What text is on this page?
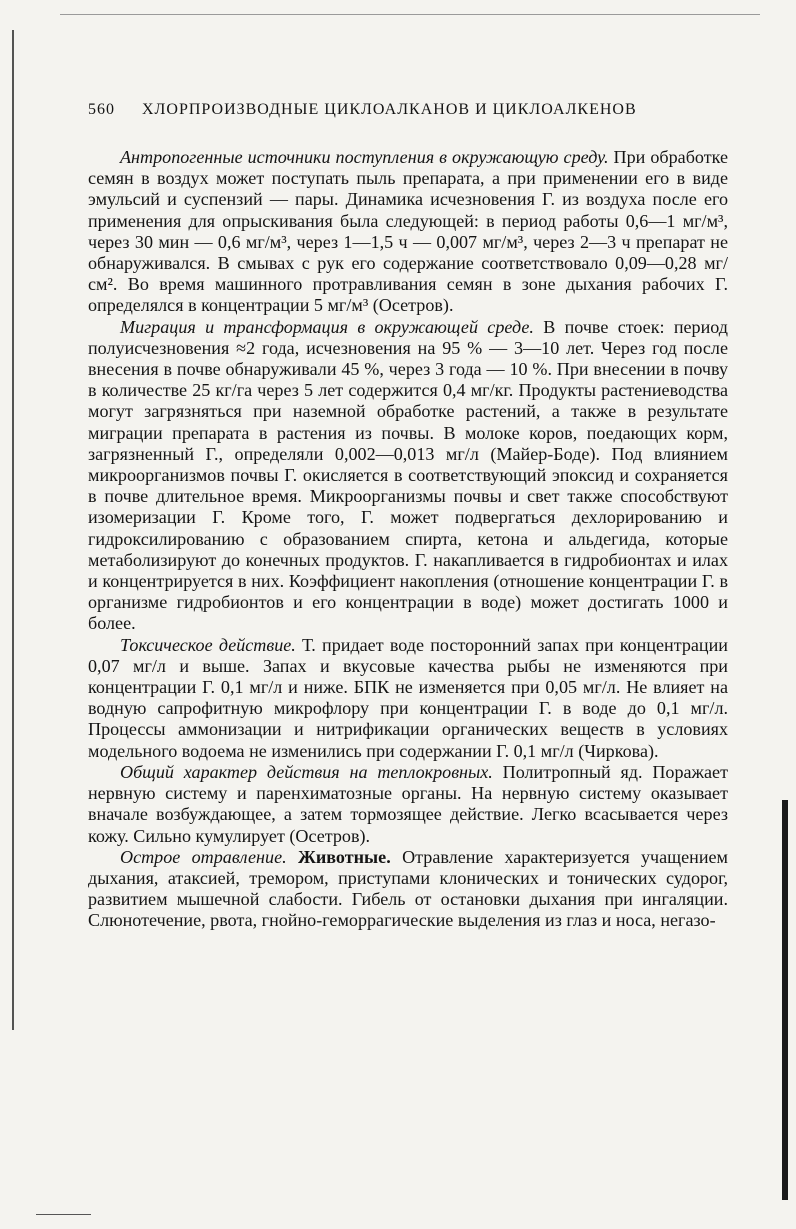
560 ХЛОРПРОИЗВОДНЫЕ ЦИКЛОАЛКАНОВ И ЦИКЛОАЛКЕНОВ

Антропогенные источники поступления в окружающую среду. При обработке семян в воздух может поступать пыль препарата, а при применении его в виде эмульсий и суспензий — пары. Динамика исчезновения Г. из воздуха после его применения для опрыскивания была следующей: в период работы 0,6—1 мг/м³, через 30 мин — 0,6 мг/м³, через 1—1,5 ч — 0,007 мг/м³, через 2—3 ч препарат не обнаруживался. В смывах с рук его содержание соответствовало 0,09—0,28 мг/см². Во время машинного протравливания семян в зоне дыхания рабочих Г. определялся в концентрации 5 мг/м³ (Осетров).

Миграция и трансформация в окружающей среде. В почве стоек: период полуисчезновения ≈2 года, исчезновения на 95 % — 3—10 лет. Через год после внесения в почве обнаруживали 45 %, через 3 года — 10 %. При внесении в почву в количестве 25 кг/га через 5 лет содержится 0,4 мг/кг. Продукты растениеводства могут загрязняться при наземной обработке растений, а также в результате миграции препарата в растения из почвы. В молоке коров, поедающих корм, загрязненный Г., определяли 0,002—0,013 мг/л (Майер-Боде). Под влиянием микроорганизмов почвы Г. окисляется в соответствующий эпоксид и сохраняется в почве длительное время. Микроорганизмы почвы и свет также способствуют изомеризации Г. Кроме того, Г. может подвергаться дехлорированию и гидроксилированию с образованием спирта, кетона и альдегида, которые метаболизируют до конечных продуктов. Г. накапливается в гидробионтах и илах и концентрируется в них. Коэффициент накопления (отношение концентрации Г. в организме гидробионтов и его концентрации в воде) может достигать 1000 и более.

Токсическое действие. Т. придает воде посторонний запах при концентрации 0,07 мг/л и выше. Запах и вкусовые качества рыбы не изменяются при концентрации Г. 0,1 мг/л и ниже. БПК не изменяется при 0,05 мг/л. Не влияет на водную сапрофитную микрофлору при концентрации Г. в воде до 0,1 мг/л. Процессы аммонизации и нитрификации органических веществ в условиях модельного водоема не изменились при содержании Г. 0,1 мг/л (Чиркова).

Общий характер действия на теплокровных. Политропный яд. Поражает нервную систему и паренхиматозные органы. На нервную систему оказывает вначале возбуждающее, а затем тормозящее действие. Легко всасывается через кожу. Сильно кумулирует (Осетров).

Острое отравление. Животные. Отравление характеризуется учащением дыхания, атаксией, тремором, приступами клонических и тонических судорог, развитием мышечной слабости. Гибель от остановки дыхания при ингаляции. Слюнотечение, рвота, гнойно-геморрагические выделения из глаз и носа, негазо-
